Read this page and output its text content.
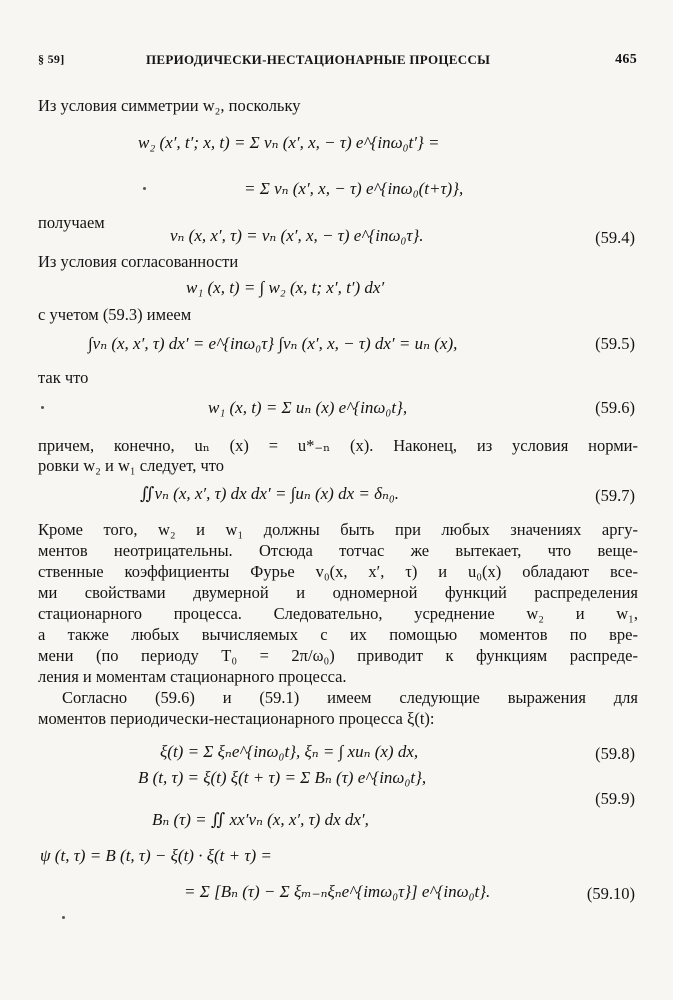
§ 59]	ПЕРИОДИЧЕСКИ-НЕСТАЦИОНАРНЫЕ ПРОЦЕССЫ	465
Из условия симметрии w₂, поскольку
w₂ (x′, t′; x, t) = Σ vₙ (x′, x, − τ) e^{inω₀t′} =
= Σ vₙ (x′, x, − τ) e^{inω₀(t+τ)},
получаем
vₙ (x, x′, τ) = vₙ (x′, x, − τ) e^{inω₀τ}.	(59.4)
Из условия согласованности
w₁ (x, t) = ∫ w₂ (x, t; x′, t′) dx′
с учетом (59.3) имеем
∫vₙ (x, x′, τ) dx′ = e^{inω₀τ} ∫vₙ (x′, x, − τ) dx′ = uₙ (x),	(59.5)
так что
w₁ (x, t) = Σ uₙ (x) e^{inω₀t},	(59.6)
причем, конечно, uₙ (x) = u*₋ₙ (x). Наконец, из условия норми-
ровки w₂ и w₁ следует, что
∬vₙ (x, x′, τ) dx dx′ = ∫uₙ (x) dx = δₙ₀.	(59.7)
Кроме того, w₂ и w₁ должны быть при любых значениях аргу-
ментов неотрицательны. Отсюда тотчас же вытекает, что веще-
ственные коэффициенты Фурье v₀(x, x′, τ) и u₀(x) обладают все-
ми свойствами двумерной и одномерной функций распределения
стационарного процесса. Следовательно, усреднение w₂ и w₁,
а также любых вычисляемых с их помощью моментов по вре-
мени (по периоду T₀ = 2π/ω₀) приводит к функциям распреде-
ления и моментам стационарного процесса.
Согласно (59.6) и (59.1) имеем следующие выражения для
моментов периодически-нестационарного процесса ξ(t):
ξ(t) = Σ ξₙe^{inω₀t}, ξₙ = ∫ xuₙ (x) dx,	(59.8)
B (t, τ) = ξ(t) ξ(t + τ) = Σ Bₙ (τ) e^{inω₀t},
(59.9)
Bₙ (τ) = ∬ xx′vₙ (x, x′, τ) dx dx′,
ψ (t, τ) = B (t, τ) − ξ(t) · ξ(t + τ) =
= Σ [Bₙ (τ) − Σ ξₘ₋ₙξₙe^{imω₀τ}] e^{inω₀t}.	(59.10)
